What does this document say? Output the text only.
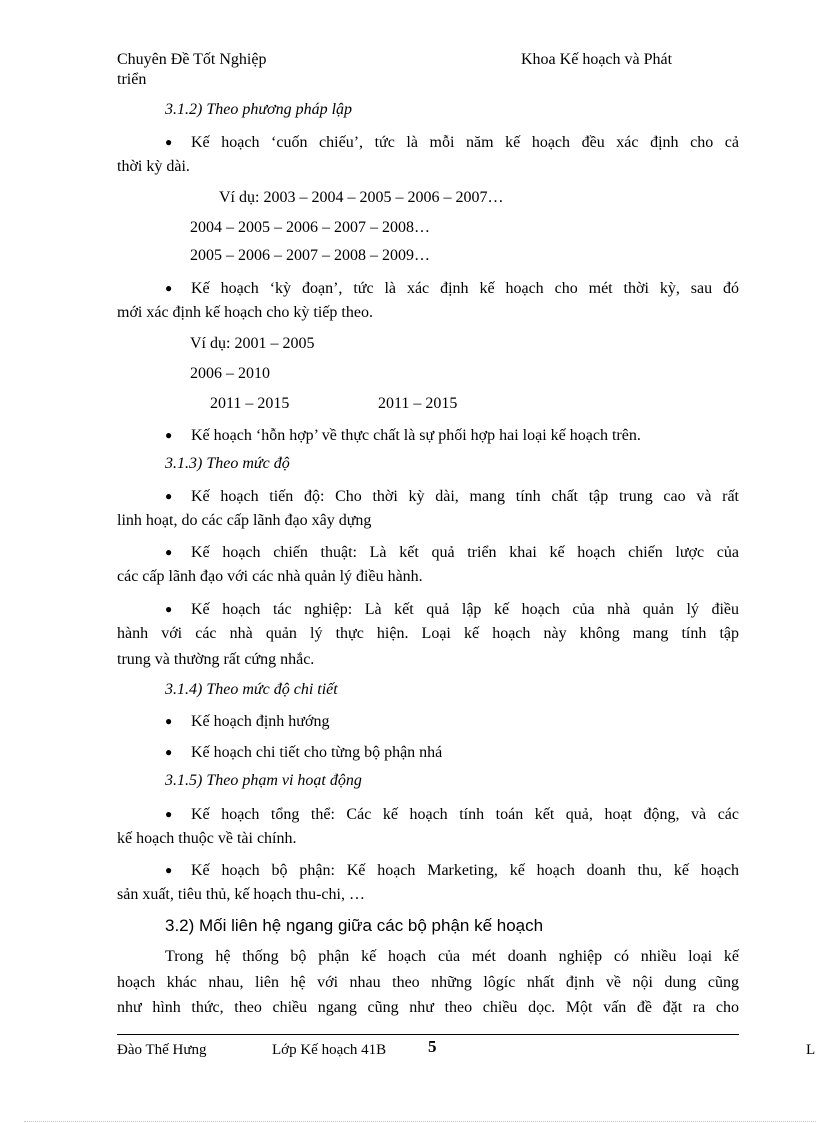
Chuyên Đề Tốt Nghiệp
triển
Khoa Kế hoạch và Phát
3.1.2) Theo phương pháp lập
● Kế hoạch ‘cuốn chiếu’, tức là mỗi năm kế hoạch đều xác định cho cả
thời kỳ dài.
Ví dụ: 2003 – 2004 – 2005 – 2006 – 2007…
2004 – 2005 – 2006 – 2007 – 2008…
2005 – 2006 – 2007 – 2008 – 2009…
● Kế hoạch ‘kỳ đoạn’, tức là xác định kế hoạch cho mét thời kỳ, sau đó
mới xác định kế hoạch cho kỳ tiếp theo.
Ví dụ: 2001 – 2005
2006 – 2010
2011 – 2015	2011 – 2015
● Kế hoạch ‘hỗn hợp’ về thực chất là sự phối hợp hai loại kế hoạch trên.
3.1.3) Theo mức độ
● Kế hoạch tiến độ: Cho thời kỳ dài, mang tính chất tập trung cao và rất
linh hoạt, do các cấp lãnh đạo xây dựng
● Kế hoạch chiến thuật: Là kết quả triển khai kế hoạch chiến lược của
các cấp lãnh đạo với các nhà quản lý điều hành.
● Kế hoạch tác nghiệp: Là kết quả lập kế hoạch của nhà quản lý điều
hành với các nhà quản lý thực hiện. Loại kế hoạch này không mang tính tập
trung và thường rất cứng nhắc.
3.1.4) Theo mức độ chi tiết
● Kế hoạch định hướng
● Kế hoạch chi tiết cho từng bộ phận nhá
3.1.5) Theo phạm vi hoạt động
● Kế hoạch tổng thể: Các kế hoạch tính toán kết quả, hoạt động, và các
kế hoạch thuộc về tài chính.
● Kế hoạch bộ phận: Kế hoạch Marketing, kế hoạch doanh thu, kế hoạch
sản xuất, tiêu thủ, kế hoạch thu-chi, …
3.2) Mối liên hệ ngang giữa các bộ phận kế hoạch
Trong hệ thống bộ phận kế hoạch của mét doanh nghiệp có nhiều loại kế
hoạch khác nhau, liên hệ với nhau theo những lôgíc nhất định về nội dung cũng
như hình thức, theo chiều ngang cũng như theo chiều dọc. Một vấn đề đặt ra cho
Đào Thế Hưng	Lớp Kế hoạch 41B 5	L
